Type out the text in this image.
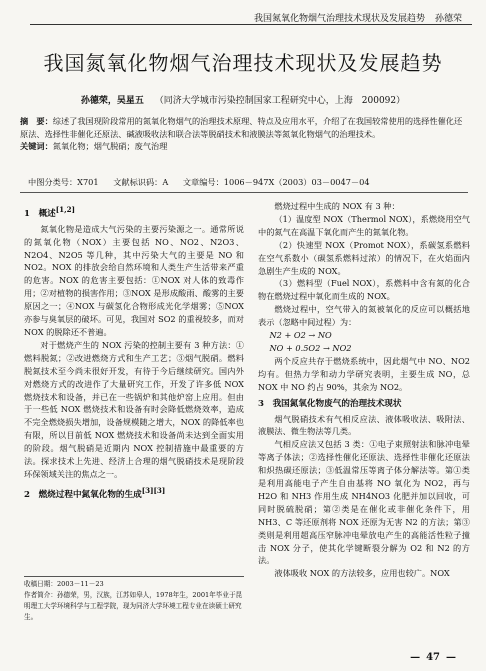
我国氮氧化物烟气治理技术现状及发展趋势 孙德荣
我国氮氧化物烟气治理技术现状及发展趋势
孙德荣，吴星五 （同济大学城市污染控制国家工程研究中心，上海　200092）

摘　要：综述了我国现阶段常用的氮氧化物烟气的治理技术原理、特点及应用水平，介绍了在我国较常使用的选择性催化还原法、选择性非催化还原法、碱液吸收法和联合法等脱硝技术和液膜法等氮氧化物烟气的治理技术。

关键词：氮氧化物；烟气脱硝；废气治理

中图分类号：X701 文献标识码：A 文章编号：1006－947X（2003）03－0047－04
1　概述[1,2]

氮氧化物是造成大气污染的主要污染源之一。通常所说的氮氧化物（NOX）主要包括 NO、NO2、N2O3、N2O4、N2O5 等几种，其中污染大气的主要是 NO 和 NO2。NOX 的排放会给自然环境和人类生产生活带来严重的危害。NOX 的危害主要包括：①NOX 对人体的致毒作用；②对植物的损害作用；③NOX 是形成酸雨、酸雾的主要原因之一；④NOX 与碳氢化合物形成光化学烟雾；⑤NOX 亦参与臭氧层的破坏。可见，我国对 SO2 的重视较多，而对 NOX 的脱除还不普遍。

对于燃烧产生的 NOX 污染的控制主要有 3 种方法：①燃料脱氮；②改进燃烧方式和生产工艺；③烟气脱硝。燃料脱氮技术至今尚未很好开发，有待于今后继续研究。国内外对燃烧方式的改进作了大量研究工作，开发了许多低 NOX 燃烧技术和设备，并已在一些锅炉和其他炉窑上应用。但由于一些低 NOX 燃烧技术和设备有时会降低燃烧效率，造成不完全燃烧损失增加，设备规模随之增大，NOX 的降低率也有限，所以目前低 NOX 燃烧技术和设备尚未达到全面实用的阶段。烟气脱硝是近期内 NOX 控制措施中最重要的方法。探求技术上先进、经济上合理的烟气脱硝技术是现阶段环保领域关注的焦点之一。

2　燃烧过程中氮氧化物的生成[3][3]

收稿日期：2003－11－23

作者简介：孙德荣，男，汉族，江苏如皋人，1978年生，2001年毕业于昆明理工大学环境科学与工程学院，现为同济大学环境工程专业在读硕士研究生。

燃烧过程中生成的 NOX 有 3 种：

（1）温度型 NOX（Thermol NOX），系燃烧用空气中的氮气在高温下氧化而产生的氮氧化物。

（2）快速型 NOX（Promot NOX），系碳氢系燃料在空气系数小（碳氢系燃料过浓）的情况下，在火焰面内急剧生产生成的 NOX。

（3）燃料型（Fuel NOX），系燃料中含有氮的化合物在燃烧过程中氧化而生成的 NOX。

燃烧过程中，空气带入的氮被氧化的反应可以概括地表示（忽略中间过程）为：

N2 + O2 → NO

NO + 0.5O2 → NO2

两个反应共存于燃烧系统中，因此烟气中 NO、NO2 均有。但热力学和动力学研究表明，主要生成 NO，总 NOX 中 NO 约占 90%，其余为 NO2。

3　我国氮氧化物废气的治理技术现状

烟气脱硝技术有气相反应法、液体吸收法、吸附法、液膜法、微生物法等几类。

气相反应法又包括 3 类：①电子束照射法和脉冲电晕等离子体法；②选择性催化还原法、选择性非催化还原法和炽热碳还原法；③低温常压等离子体分解法等。第①类是利用高能电子产生自由基将 NO 氧化为 NO2，再与 H2O 和 NH3 作用生成 NH4NO3 化肥并加以回收，可同时脱硫脱硝；第②类是在催化或非催化条件下，用 NH3、C 等还原剂将 NOX 还原为无害 N2 的方法；第③类则是利用超高压窄脉冲电晕放电产生的高能活性粒子撞击 NOX 分子，使其化学键断裂分解为 O2 和 N2 的方法。

液体吸收 NOX 的方法较多，应用也较广。NOX

— 47 —
